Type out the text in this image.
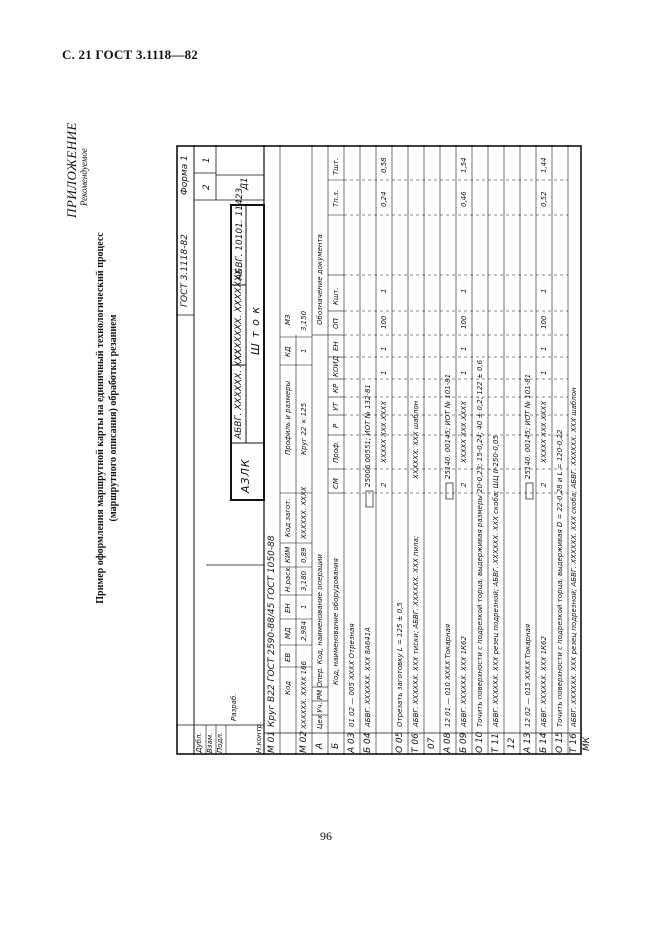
С. 21 ГОСТ 3.1118—82
ПРИЛОЖЕНИЕ Рекомендуемое
Пример оформления маршрутной карты на единичный технологический процесс (маршрутного описания) обработки резанием
ГОСТ 3.1118-82
Форма 1 2
1
АБВГ. 10101. 11423
Д1
Дубл. Взам. Подл.
Разраб.
Н.контр.
АЗЛК
АБВГ. XXXXXX. XXX
XXXXXXX. XXXXXXX Ш т о к
М 01
Круг В22 ГОСТ 2590-88/45 ГОСТ 1050-88 Код
ЕВ
МД
ЕН
Н.расх.
КИМ
Код загот.
Профиль и размеры
КД
МЗ
М 02
XXXXXX. XXXX 166
2,984
1
3,180
0,89
XXXXXX. XXXX
Круг 22 × 125
1
3,150
А
Цех Уч. РМ Опер. Код, наименование операции
Обозначение документа
Б
Код, наименование оборудования
СМ
Проф.
Р
УТ
КР
КОИД
ЕН
ОП
Кшт.
Тп.з.
Тшт.
А 03
01 02 — 005 XXXX Отрезная
Б 04
АБВГ. XXXXXX. XXX 8А641А
25006.00551; ИОТ № 132-81 2
XXXXX XXX XXXX
1
1
100
1
0,24
0,58
О 05
Отрезать заготовку L = 125 ± 0,5
Т 06
АБВГ. XXXXXX. XXX тиски; АБВГ. XXXXXX. XXX пила;
XXXXXX. XXX шаблон
07 А 08
12 01 — 010 XXXX Токарная
25140. 00145; ИОТ № 101-81
Б 09
АБВГ. XXXXXX. XXX 1К62
2
XXXXX XXX XXXX
1
1
100
1
0,46
1,54
О 10
Точить поверхности с подрезкой торца, выдерживая размеры 20-0,23; 15-0,24; 40 ± 0,2; 122 ± 0,6
Т 11
АБВГ. XXXXXX. XXX резец подрезной; АБВГ. XXXXXX. XXX скоба; ШЦ II-250-0,05
12 А 13
12 02 — 015 XXXX Токарная
25140. 00145; ИОТ № 101-81
Б 14
АБВГ. XXXXXX. XXX 1К62
2
XXXXX XXX XXXX
1
1
100
1
0,52
1,44
О 15
Точить поверхности с подрезкой торца, выдерживая D = 22-0,28 и L = 120-0,22
Т 16
АБВГ. XXXXXX. XXX резец подрезной; АБВГ. XXXXXX. XXX скоба; АБВГ. XXXXXX. XXX шаблон
МК
96
